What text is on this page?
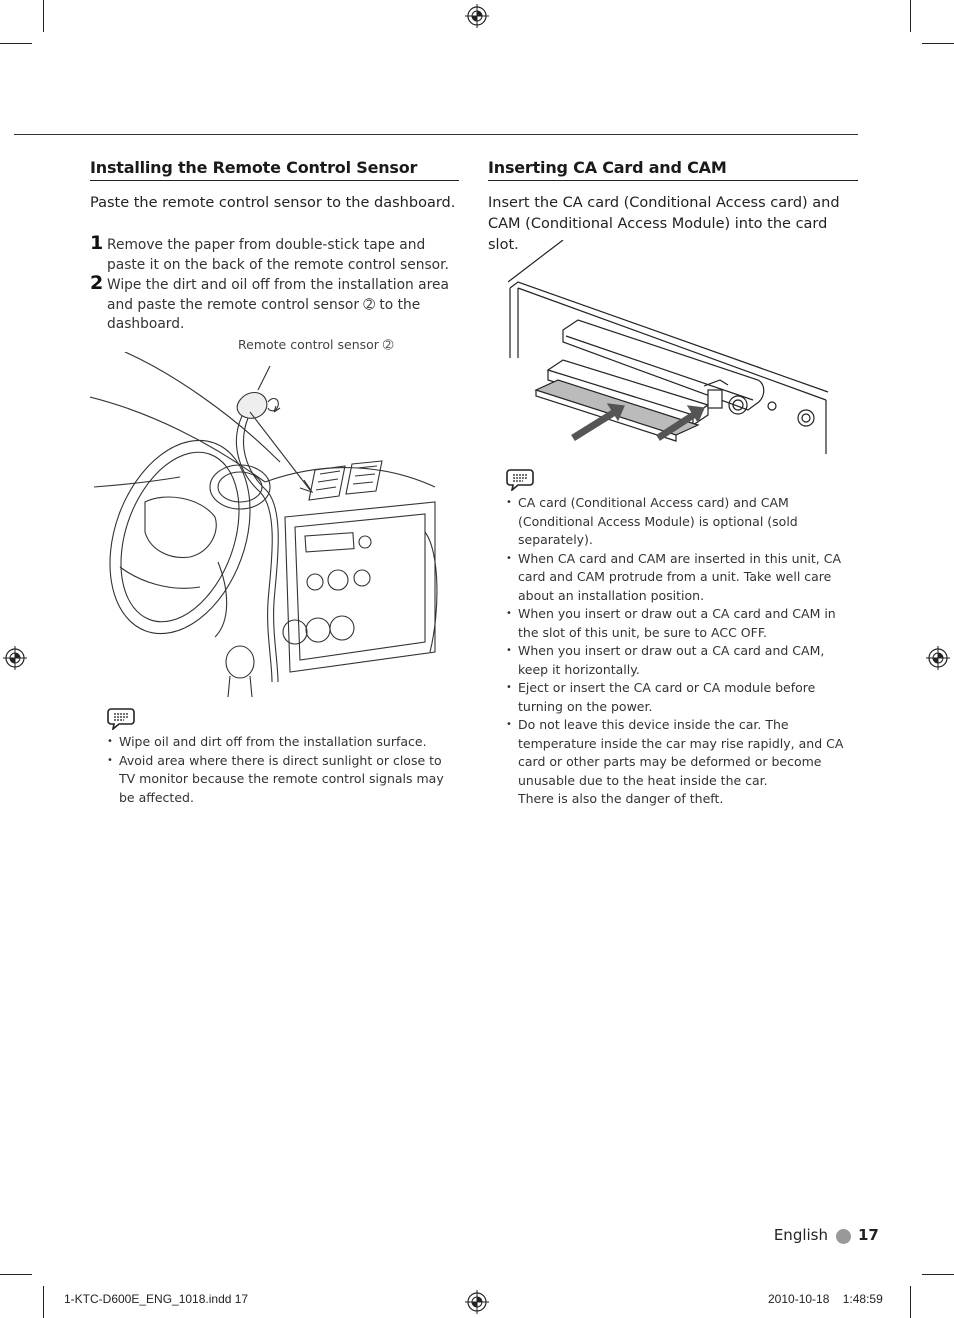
Installing the Remote Control Sensor

Paste the remote control sensor to the dashboard.

1 Remove the paper from double-stick tape and paste it on the back of the remote control sensor.
2 Wipe the dirt and oil off from the installation area and paste the remote control sensor ➁ to the dashboard.
Remote control sensor ➁
• Wipe oil and dirt off from the installation surface.
• Avoid area where there is direct sunlight or close to TV monitor because the remote control signals may be affected.
Inserting CA Card and CAM

Insert the CA card (Conditional Access card) and CAM (Conditional Access Module) into the card slot.

• CA card (Conditional Access card) and CAM (Conditional Access Module) is optional (sold separately).
• When CA card and CAM are inserted in this unit, CA card and CAM protrude from a unit. Take well care about an installation position.
• When you insert or draw out a CA card and CAM in the slot of this unit, be sure to ACC OFF.
• When you insert or draw out a CA card and CAM, keep it horizontally.
• Eject or insert the CA card or CA module before turning on the power.
• Do not leave this device inside the car. The temperature inside the car may rise rapidly, and CA card or other parts may be deformed or become unusable due to the heat inside the car.
There is also the danger of theft.
English 17
1-KTC-D600E_ENG_1018.indd 17	2010-10-18    1:48:59
